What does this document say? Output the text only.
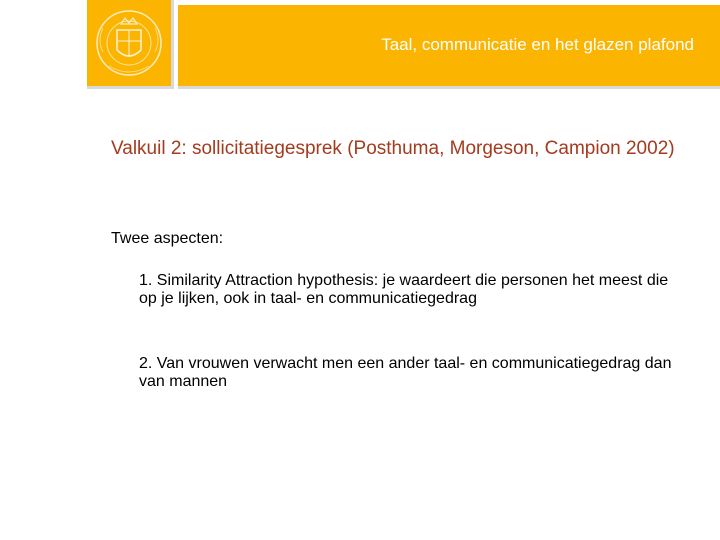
Taal, communicatie en het glazen plafond
Valkuil 2: sollicitatiegesprek (Posthuma, Morgeson, Campion 2002)
Twee aspecten:
1. Similarity Attraction hypothesis: je waardeert die personen het meest die op je lijken, ook in taal- en communicatiegedrag
2. Van vrouwen verwacht men een ander taal- en communicatiegedrag dan van mannen
